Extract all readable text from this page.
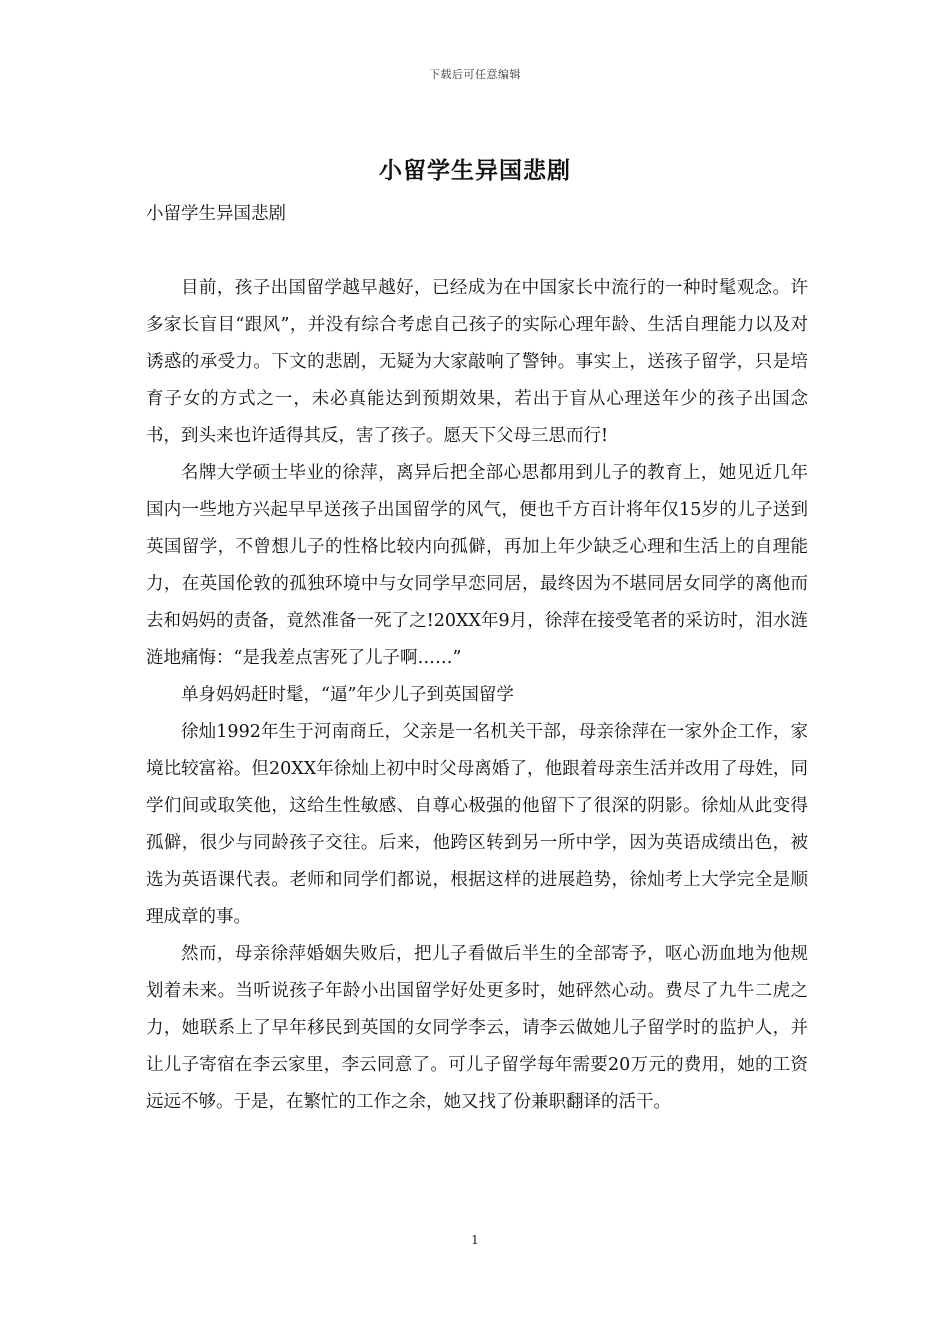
下载后可任意编辑
小留学生异国悲剧

小留学生异国悲剧

目前，孩子出国留学越早越好，已经成为在中国家长中流行的一种时髦观念。许多家长盲目“跟风”，并没有综合考虑自己孩子的实际心理年龄、生活自理能力以及对诱惑的承受力。下文的悲剧，无疑为大家敲响了警钟。事实上，送孩子留学，只是培育子女的方式之一，未必真能达到预期效果，若出于盲从心理送年少的孩子出国念书，到头来也许适得其反，害了孩子。愿天下父母三思而行!

名牌大学硕士毕业的徐萍，离异后把全部心思都用到儿子的教育上，她见近几年国内一些地方兴起早早送孩子出国留学的风气，便也千方百计将年仅15岁的儿子送到英国留学，不曾想儿子的性格比较内向孤僻，再加上年少缺乏心理和生活上的自理能力，在英国伦敦的孤独环境中与女同学早恋同居，最终因为不堪同居女同学的离他而去和妈妈的责备，竟然准备一死了之!20XX年9月，徐萍在接受笔者的采访时，泪水涟涟地痛悔：“是我差点害死了儿子啊……”

单身妈妈赶时髦，“逼”年少儿子到英国留学

徐灿1992年生于河南商丘，父亲是一名机关干部，母亲徐萍在一家外企工作，家境比较富裕。但20XX年徐灿上初中时父母离婚了，他跟着母亲生活并改用了母姓，同学们间或取笑他，这给生性敏感、自尊心极强的他留下了很深的阴影。徐灿从此变得孤僻，很少与同龄孩子交往。后来，他跨区转到另一所中学，因为英语成绩出色，被选为英语课代表。老师和同学们都说，根据这样的进展趋势，徐灿考上大学完全是顺理成章的事。

然而，母亲徐萍婚姻失败后，把儿子看做后半生的全部寄予，呕心沥血地为他规划着未来。当听说孩子年龄小出国留学好处更多时，她砰然心动。费尽了九牛二虎之力，她联系上了早年移民到英国的女同学李云，请李云做她儿子留学时的监护人，并让儿子寄宿在李云家里，李云同意了。可儿子留学每年需要20万元的费用，她的工资远远不够。于是，在繁忙的工作之余，她又找了份兼职翻译的活干。

1
